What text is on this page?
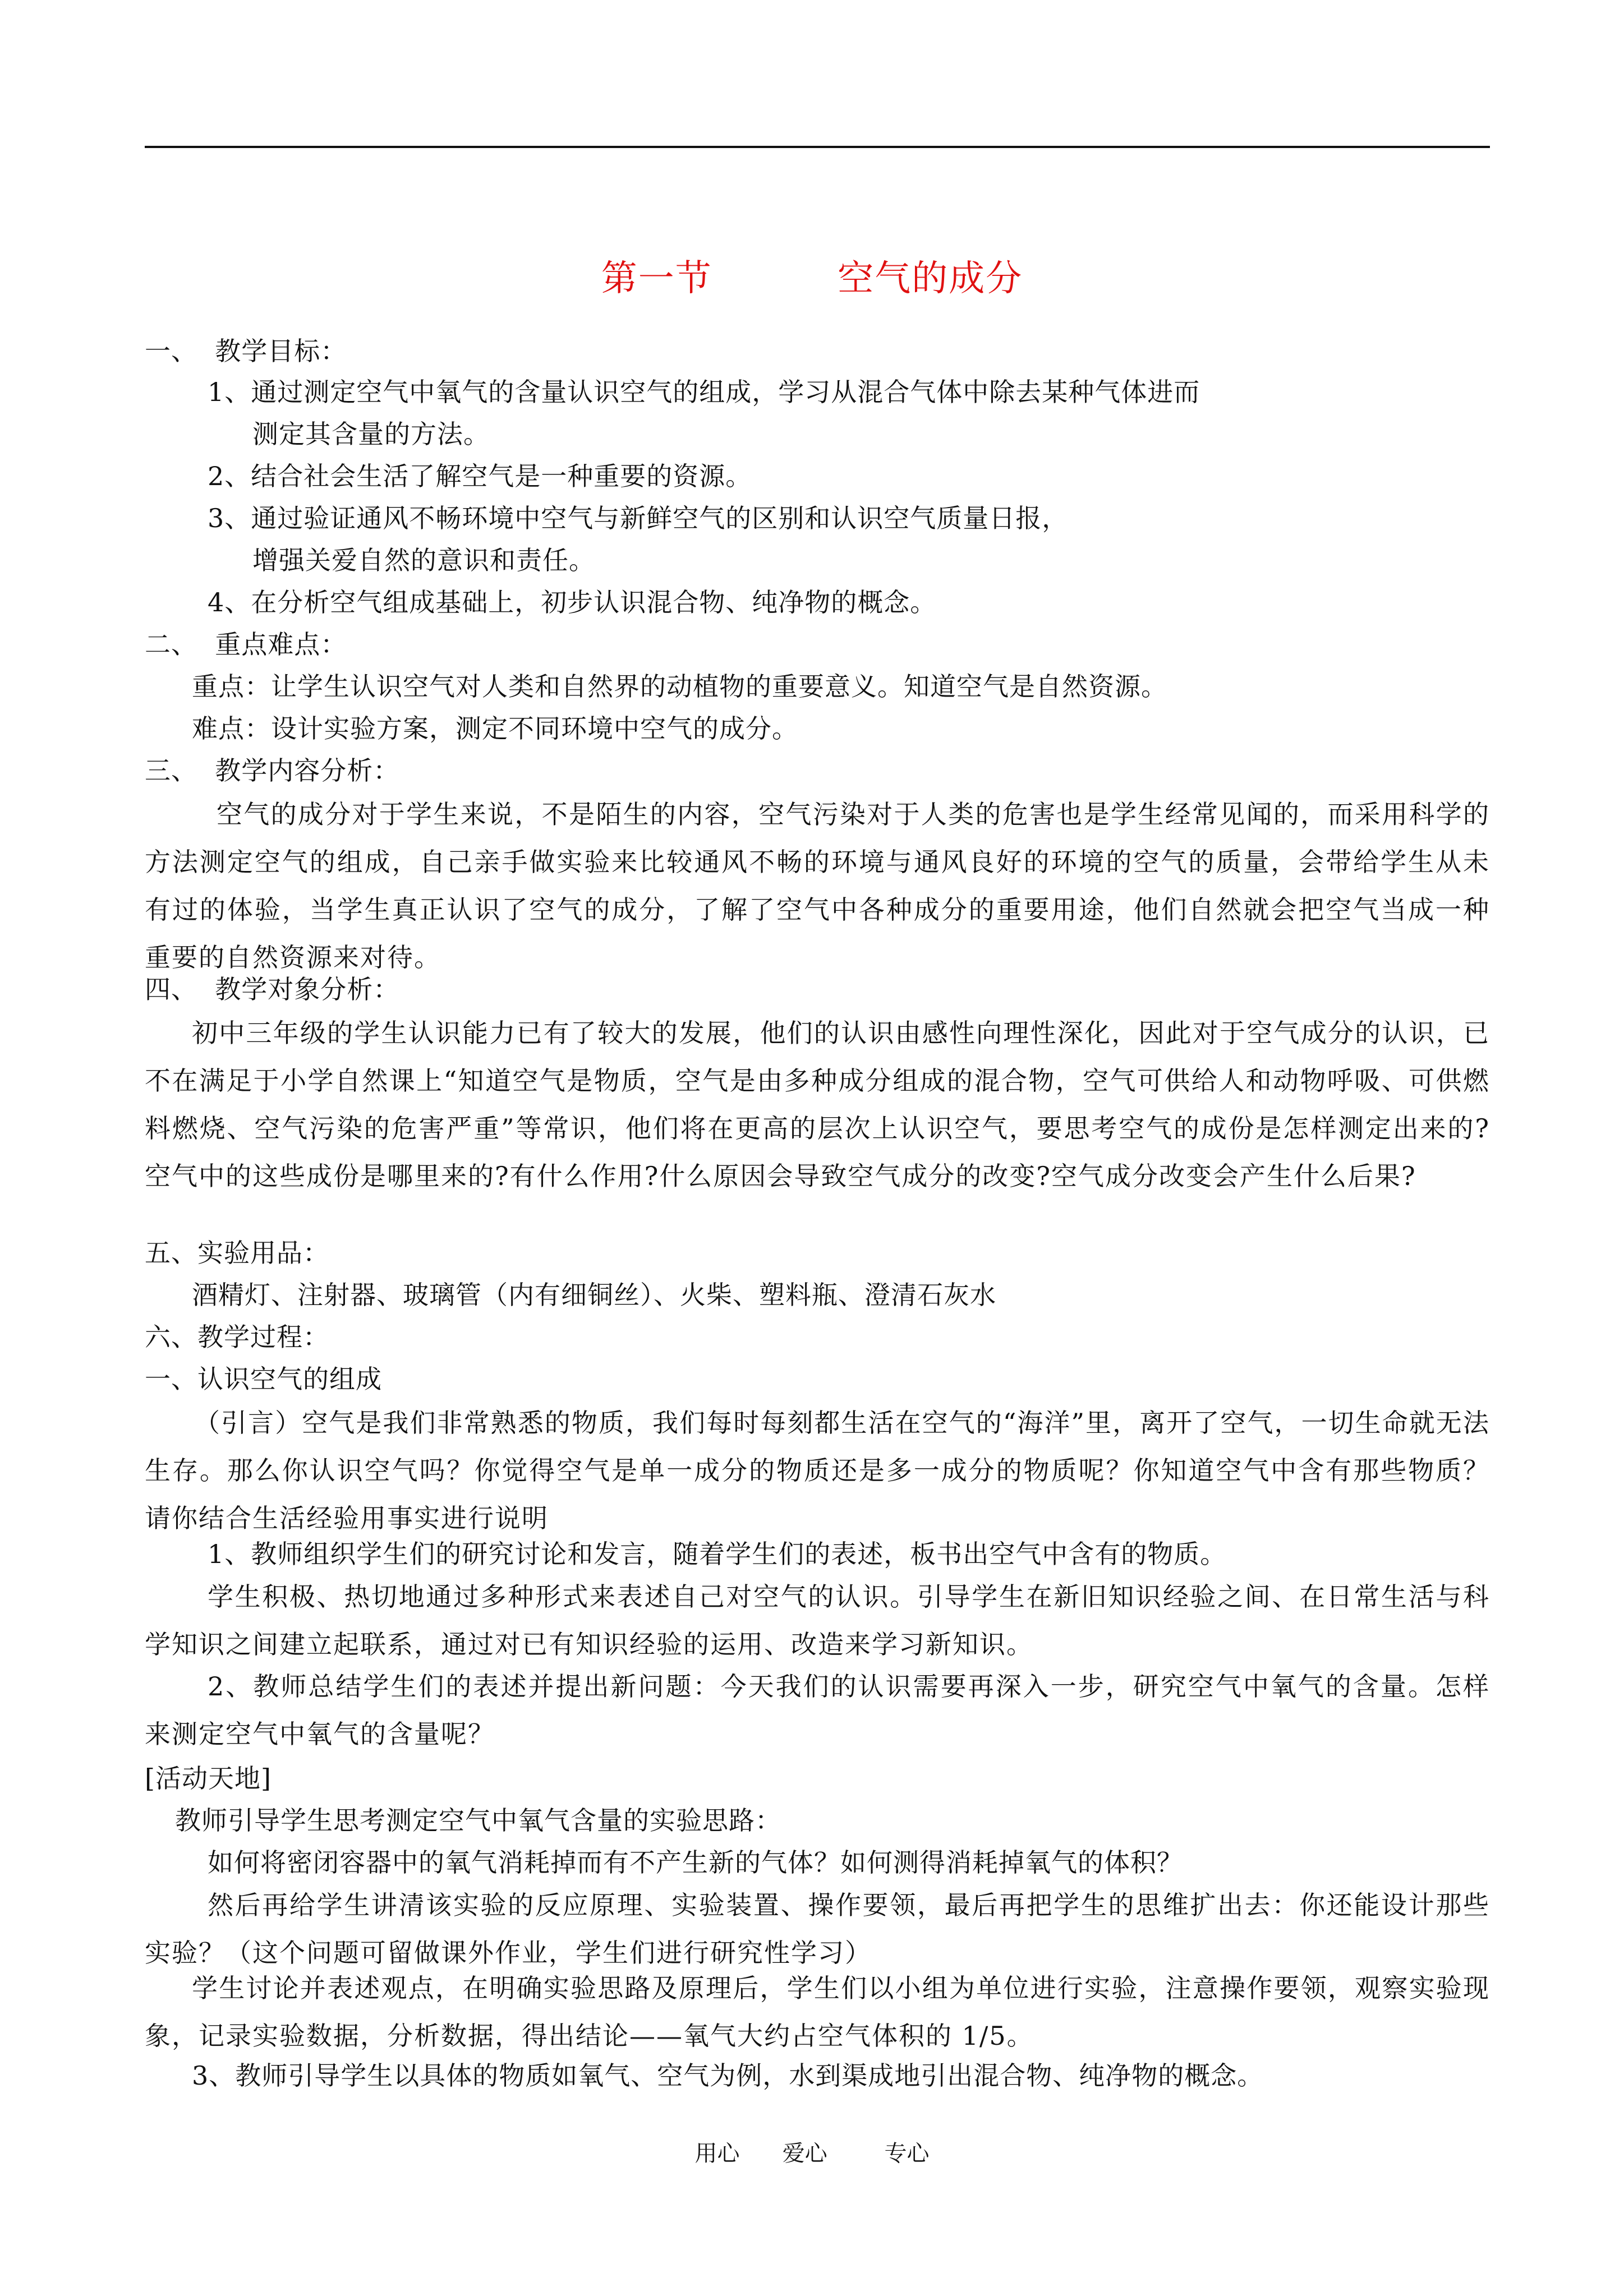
第一节          空气的成分
一、  教学目标：
1、通过测定空气中氧气的含量认识空气的组成，学习从混合气体中除去某种气体进而
测定其含量的方法。
2、结合社会生活了解空气是一种重要的资源。
3、通过验证通风不畅环境中空气与新鲜空气的区别和认识空气质量日报，
增强关爱自然的意识和责任。
4、在分析空气组成基础上，初步认识混合物、纯净物的概念。
二、  重点难点：
重点：让学生认识空气对人类和自然界的动植物的重要意义。知道空气是自然资源。
难点：设计实验方案，测定不同环境中空气的成分。
三、  教学内容分析：
空气的成分对于学生来说，不是陌生的内容，空气污染对于人类的危害也是学生经常见闻的，而采用科学的方法测定空气的组成，自己亲手做实验来比较通风不畅的环境与通风良好的环境的空气的质量，会带给学生从未有过的体验，当学生真正认识了空气的成分，了解了空气中各种成分的重要用途，他们自然就会把空气当成一种重要的自然资源来对待。
四、  教学对象分析：
初中三年级的学生认识能力已有了较大的发展，他们的认识由感性向理性深化，因此对于空气成分的认识，已不在满足于小学自然课上“知道空气是物质，空气是由多种成分组成的混合物，空气可供给人和动物呼吸、可供燃料燃烧、空气污染的危害严重”等常识，他们将在更高的层次上认识空气，要思考空气的成份是怎样测定出来的?空气中的这些成份是哪里来的?有什么作用?什么原因会导致空气成分的改变?空气成分改变会产生什么后果?
五、实验用品：
酒精灯、注射器、玻璃管（内有细铜丝）、火柴、塑料瓶、澄清石灰水
六、教学过程：
一、认识空气的组成
（引言）空气是我们非常熟悉的物质，我们每时每刻都生活在空气的“海洋”里，离开了空气，一切生命就无法生存。那么你认识空气吗？你觉得空气是单一成分的物质还是多一成分的物质呢？你知道空气中含有那些物质？请你结合生活经验用事实进行说明
1、教师组织学生们的研究讨论和发言，随着学生们的表述，板书出空气中含有的物质。
学生积极、热切地通过多种形式来表述自己对空气的认识。引导学生在新旧知识经验之间、在日常生活与科学知识之间建立起联系，通过对已有知识经验的运用、改造来学习新知识。
2、教师总结学生们的表述并提出新问题：今天我们的认识需要再深入一步，研究空气中氧气的含量。怎样来测定空气中氧气的含量呢？
[活动天地]
教师引导学生思考测定空气中氧气含量的实验思路：
如何将密闭容器中的氧气消耗掉而有不产生新的气体？如何测得消耗掉氧气的体积？
然后再给学生讲清该实验的反应原理、实验装置、操作要领，最后再把学生的思维扩出去：你还能设计那些实验？（这个问题可留做课外作业，学生们进行研究性学习）
学生讨论并表述观点，在明确实验思路及原理后，学生们以小组为单位进行实验，注意操作要领，观察实验现象，记录实验数据，分析数据，得出结论——氧气大约占空气体积的 1/5。
3、教师引导学生以具体的物质如氧气、空气为例，水到渠成地引出混合物、纯净物的概念。
用心      爱心        专心
